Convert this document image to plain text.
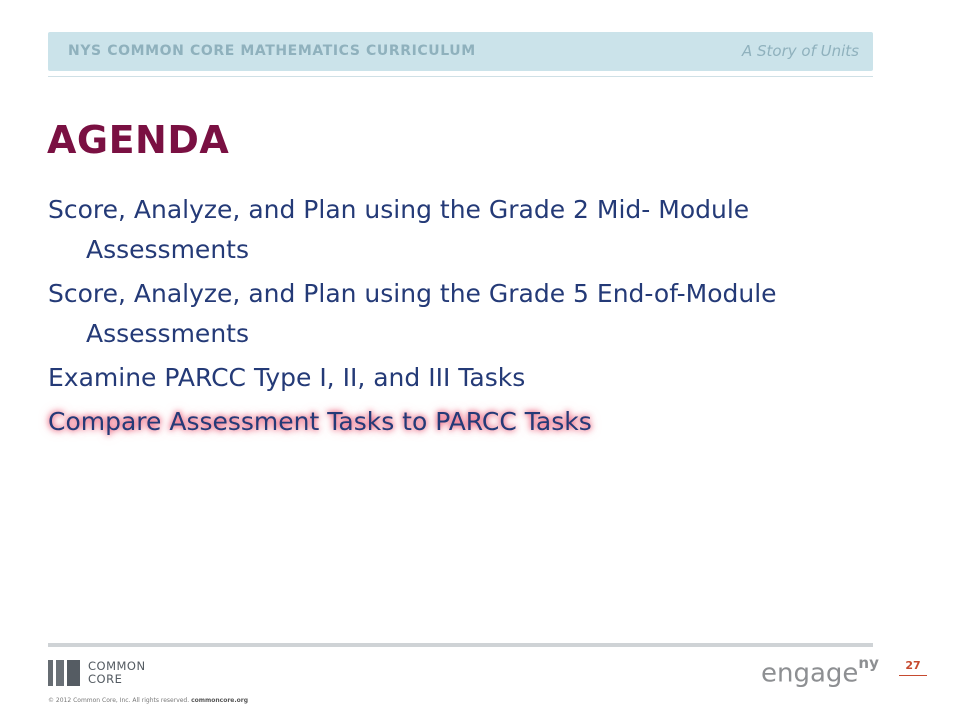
NYS COMMON CORE MATHEMATICS CURRICULUM	A Story of Units
AGENDA
Score, Analyze, and Plan using the Grade 2 Mid- Module Assessments
Score, Analyze, and Plan using the Grade 5 End-of-Module Assessments
Examine PARCC Type I, II, and III Tasks
Compare Assessment Tasks to PARCC Tasks
COMMON
CORE
© 2012 Common Core, Inc. All rights reserved. commoncore.org
engage$^{ny}$	27
